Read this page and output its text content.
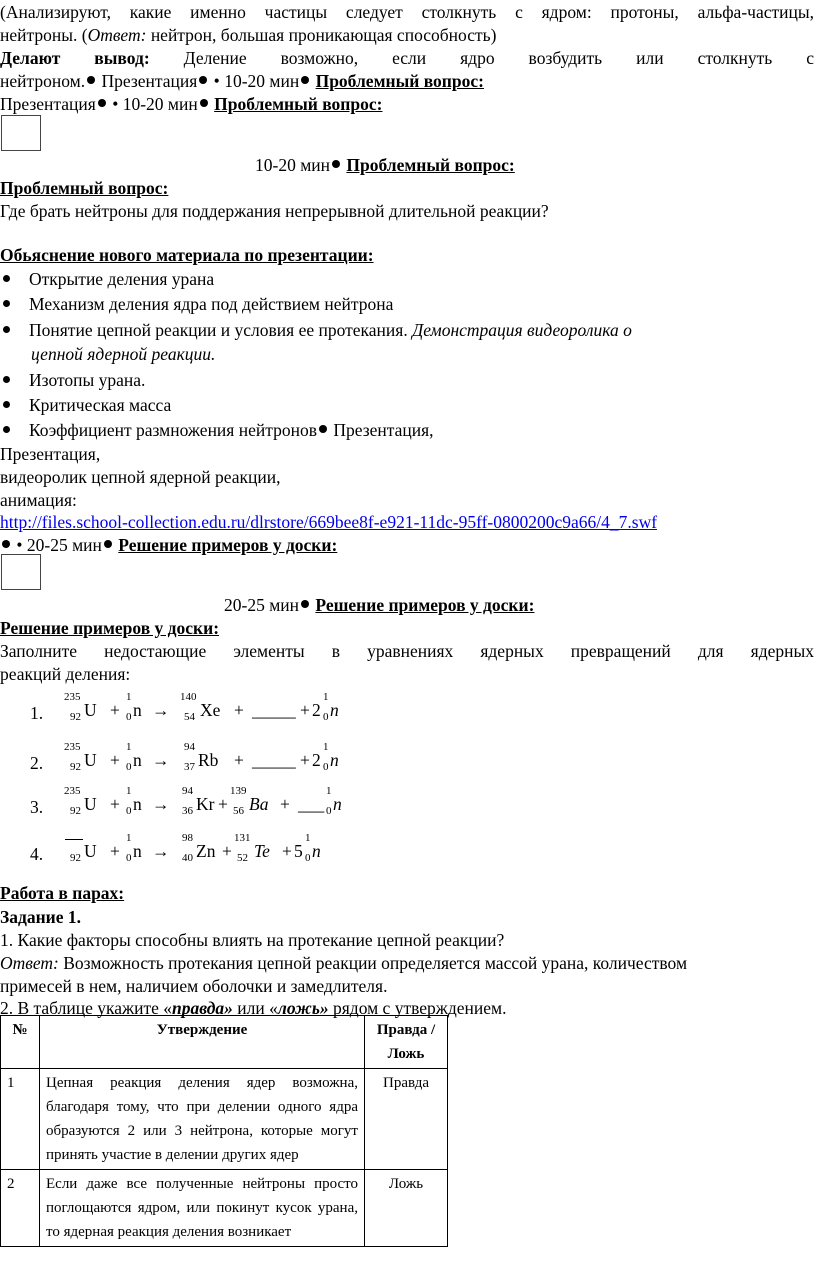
(Анализируют, какие именно частицы следует столкнуть с ядром: протоны, альфа-частицы,
нейтроны. (Ответ: нейтрон, большая проникающая способность)
Делают вывод: Деление возможно, если ядро возбудить или столкнуть с
нейтроном. Презентация • 10-20 мин Проблемный вопрос:
Презентация • 10-20 мин Проблемный вопрос:
10-20 мин Проблемный вопрос:
Проблемный вопрос:
Где брать нейтроны для поддержания непрерывной длительной реакции?
Обьяснение нового материала по презентации:
Открытие деления урана
Механизм деления ядра под действием нейтрона
Понятие цепной реакции и условия ее протекания. Демонстрация видеоролика о
цепной ядерной реакции.
Изотопы урана.
Критическая масса
Коэффициент размножения нейтронов Презентация,
Презентация,
видеоролик цепной ядерной реакции,
анимация:
http://files.school-collection.edu.ru/dlrstore/669bee8f-e921-11dc-95ff-0800200c9a66/4_7.swf
• 20-25 мин Решение примеров у доски:
20-25 мин Решение примеров у доски:
Решение примеров у доски:
Заполните недостающие элементы в уравнениях ядерных превращений для ядерных
реакций деления:
1.
235
92 U +
1
0 n →
140
54 Xe + _____ + 2
1
0 n
2.
235
92 U +
1
0 n →
94
37 Rb + _____ + 2
1
0 n
3.
235
92 U +
1
0 n →
94
36 Kr +
139
56 Ba + ___
1
0 n
4. 92 U +
1
0 n →
98
40 Zn +
131
52 Te + 5
1
0 n
Работа в парах:
Задание 1.
1. Какие факторы способны влиять на протекание цепной реакции?
Ответ: Возможность протекания цепной реакции определяется массой урана, количеством
примесей в нем, наличием оболочки и замедлителя.
2. В таблице укажите «правда» или «ложь» рядом с утверждением.
№	Утверждение	Правда / Ложь
1	Цепная реакция деления ядер возможна, благодаря тому, что при делении одного ядра образуются 2 или 3 нейтрона, которые могут принять участие в делении других ядер	Правда
2	Если даже все полученные нейтроны просто поглощаются ядром, или покинут кусок урана, то ядерная реакция деления возникает	Ложь
